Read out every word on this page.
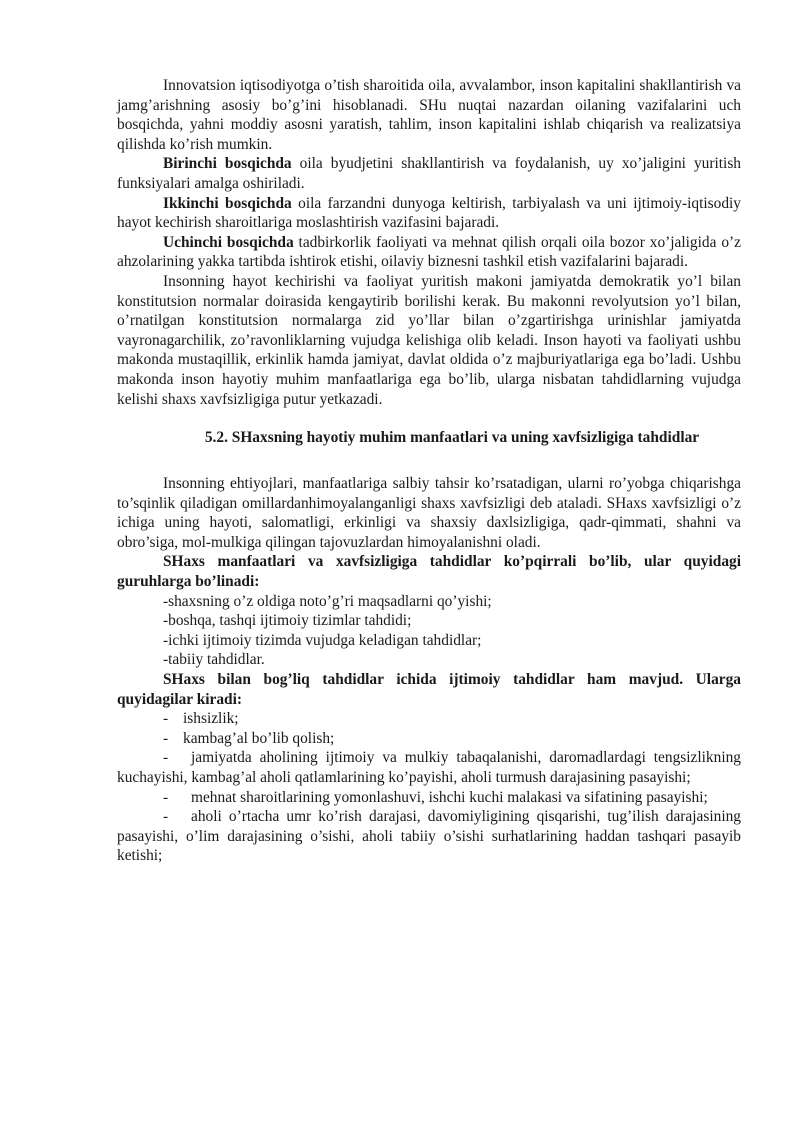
Innovatsion iqtisodiyotga o’tish sharoitida oila, avvalambor, inson kapitalini shakllantirish va jamg’arishning asosiy bo’g’ini hisoblanadi. SHu nuqtai nazardan oilaning vazifalarini uch bosqichda, yahni moddiy asosni yaratish, tahlim, inson kapitalini ishlab chiqarish va realizatsiya qilishda ko’rish mumkin.

Birinchi bosqichda oila byudjetini shakllantirish va foydalanish, uy xo’jaligini yuritish funksiyalari amalga oshiriladi.

Ikkinchi bosqichda oila farzandni dunyoga keltirish, tarbiyalash va uni ijtimoiy-iqtisodiy hayot kechirish sharoitlariga moslashtirish vazifasini bajaradi.

Uchinchi bosqichda tadbirkorlik faoliyati va mehnat qilish orqali oila bozor xo’jaligida o’z ahzolarining yakka tartibda ishtirok etishi, oilaviy biznesni tashkil etish vazifalarini bajaradi.

Insonning hayot kechirishi va faoliyat yuritish makoni jamiyatda demokratik yo’l bilan konstitutsion normalar doirasida kengaytirib borilishi kerak. Bu makonni revolyutsion yo’l bilan, o’rnatilgan konstitutsion normalarga zid yo’llar bilan o’zgartirishga urinishlar jamiyatda vayronagarchilik, zo’ravonliklarning vujudga kelishiga olib keladi. Inson hayoti va faoliyati ushbu makonda mustaqillik, erkinlik hamda jamiyat, davlat oldida o’z majburiyatlariga ega bo’ladi. Ushbu makonda inson hayotiy muhim manfaatlariga ega bo’lib, ularga nisbatan tahdidlarning vujudga kelishi shaxs xavfsizligiga putur yetkazadi.

5.2. SHaxsning hayotiy muhim manfaatlari va uning xavfsizligiga tahdidlar

Insonning ehtiyojlari, manfaatlariga salbiy tahsir ko’rsatadigan, ularni ro’yobga chiqarishga to’sqinlik qiladigan omillardanhimoyalanganligi shaxs xavfsizligi deb ataladi. SHaxs xavfsizligi o’z ichiga uning hayoti, salomatligi, erkinligi va shaxsiy daxlsizligiga, qadr-qimmati, shahni va obro’siga, mol-mulkiga qilingan tajovuzlardan himoyalanishni oladi.

SHaxs manfaatlari va xavfsizligiga tahdidlar ko’pqirrali bo’lib, ular quyidagi guruhlarga bo’linadi:

-shaxsning o’z oldiga noto’g’ri maqsadlarni qo’yishi;
-boshqa, tashqi ijtimoiy tizimlar tahdidi;
-ichki ijtimoiy tizimda vujudga keladigan tahdidlar;
-tabiiy tahdidlar.

SHaxs bilan bog’liq tahdidlar ichida ijtimoiy tahdidlar ham mavjud. Ularga quyidagilar kiradi:

- ishsizlik;

- kambag’al bo’lib qolish;

- jamiyatda aholining ijtimoiy va mulkiy tabaqalanishi, daromadlardagi tengsizlikning kuchayishi, kambag’al aholi qatlamlarining ko’payishi, aholi turmush darajasining pasayishi;

- mehnat sharoitlarining yomonlashuvi, ishchi kuchi malakasi va sifatining pasayishi;

- aholi o’rtacha umr ko’rish darajasi, davomiyligining qisqarishi, tug’ilish darajasining pasayishi, o’lim darajasining o’sishi, aholi tabiiy o’sishi surhatlarining haddan tashqari pasayib ketishi;
